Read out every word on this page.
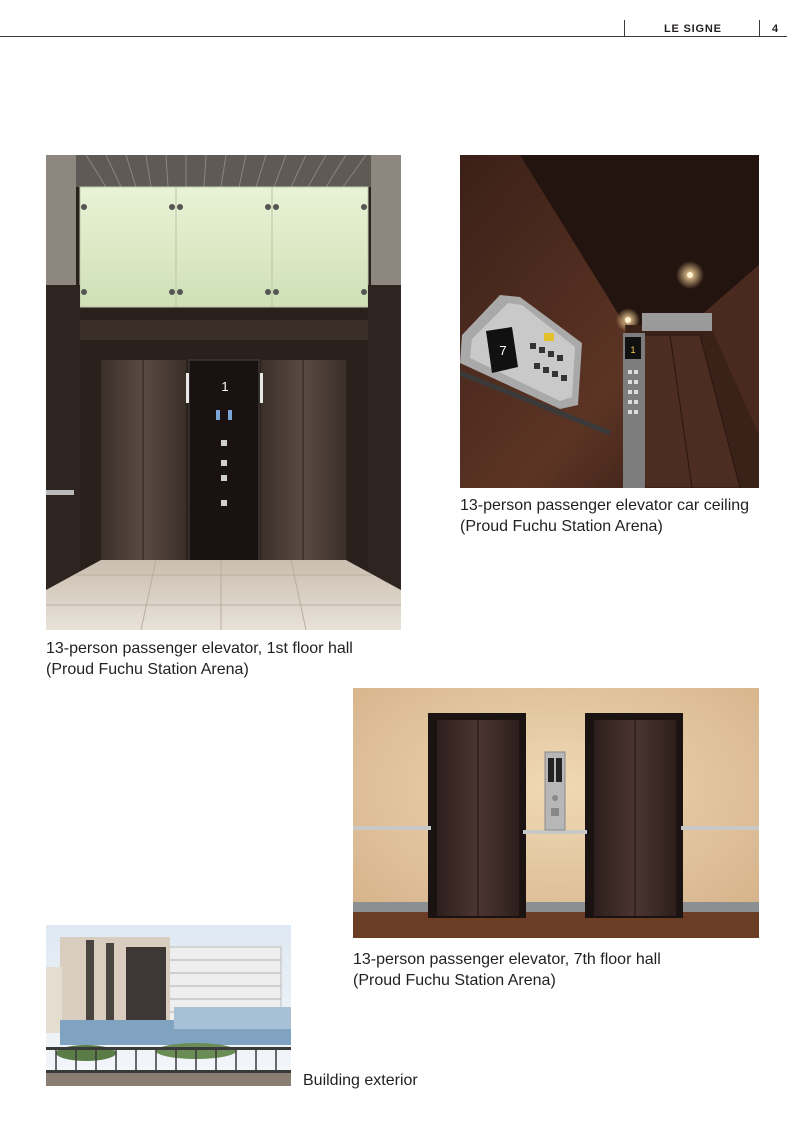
LE SIGNE	4
1
13-person passenger elevator, 1st floor hall
(Proud Fuchu Station Arena)
1
7
13-person passenger elevator car ceiling
(Proud Fuchu Station Arena)
13-person passenger elevator, 7th floor hall
(Proud Fuchu Station Arena)
Building exterior
